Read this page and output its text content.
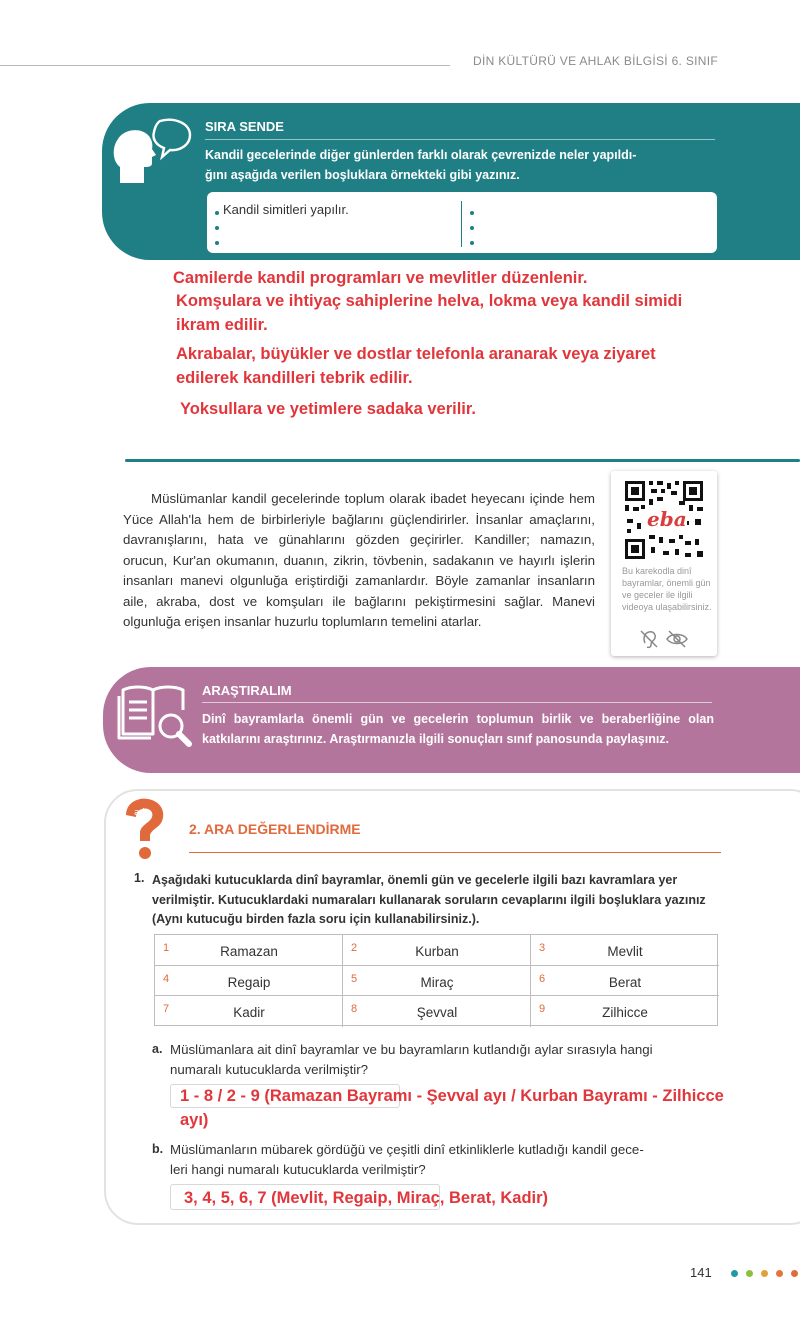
DİN KÜLTÜRÜ VE AHLAK BİLGİSİ 6. SINIF
SIRA SENDE
Kandil gecelerinde diğer günlerden farklı olarak çevrenizde neler yapıldı-
ğını aşağıda verilen boşluklara örnekteki gibi yazınız.
Kandil simitleri yapılır.
Camilerde kandil programları ve mevlitler düzenlenir.
Komşulara ve ihtiyaç sahiplerine helva, lokma veya kandil simidi
ikram edilir.
Akrabalar, büyükler ve dostlar telefonla aranarak veya ziyaret
edilerek kandilleri tebrik edilir.
Yoksullara ve yetimlere sadaka verilir.
Müslümanlar kandil gecelerinde toplum olarak ibadet heyecanı içinde hem Yüce Allah'la hem de birbirleriyle bağlarını güçlendirirler. İnsanlar amaçlarını, davranışlarını, hata ve günahlarını gözden geçirirler. Kandiller; namazın, orucun, Kur'an okumanın, duanın, zikrin, tövbenin, sadakanın ve hayırlı işlerin insanları manevi olgunluğa eriştirdiği zamanlardır. Böyle zamanlar insanların aile, akraba, dost ve komşuları ile bağlarını pekiştirmesini sağlar. Manevi olgunluğa erişen insanlar huzurlu toplumların temelini atarlar.
eba
Bu karekodla dinî bayramlar, önemli gün ve geceler ile ilgili videoya ulaşabilirsiniz.
ARAŞTIRALIM
Dinî bayramlarla önemli gün ve gecelerin toplumun birlik ve beraberliğine olan katkılarını araştırınız. Araştırmanızla ilgili sonuçları sınıf panosunda paylaşınız.
a b
2. ARA DEĞERLENDİRME
1. Aşağıdaki kutucuklarda dinî bayramlar, önemli gün ve gecelerle ilgili bazı kavramlara yer verilmiştir. Kutucuklardaki numaraları kullanarak soruların cevaplarını ilgili boşluklara yazınız (Aynı kutucuğu birden fazla soru için kullanabilirsiniz.).
1	Ramazan	2	Kurban	3	Mevlit
4	Regaip	5	Miraç	6	Berat
7	Kadir	8	Şevval	9	Zilhicce
a. Müslümanlara ait dinî bayramlar ve bu bayramların kutlandığı aylar sırasıyla hangi
numaralı kutucuklarda verilmiştir?
1 - 8 / 2 - 9 (Ramazan Bayramı - Şevval ayı / Kurban Bayramı - Zilhicce
ayı)
b. Müslümanların mübarek gördüğü ve çeşitli dinî etkinliklerle kutladığı kandil gece-
leri hangi numaralı kutucuklarda verilmiştir?
3, 4, 5, 6, 7 (Mevlit, Regaip, Miraç, Berat, Kadir)
141
